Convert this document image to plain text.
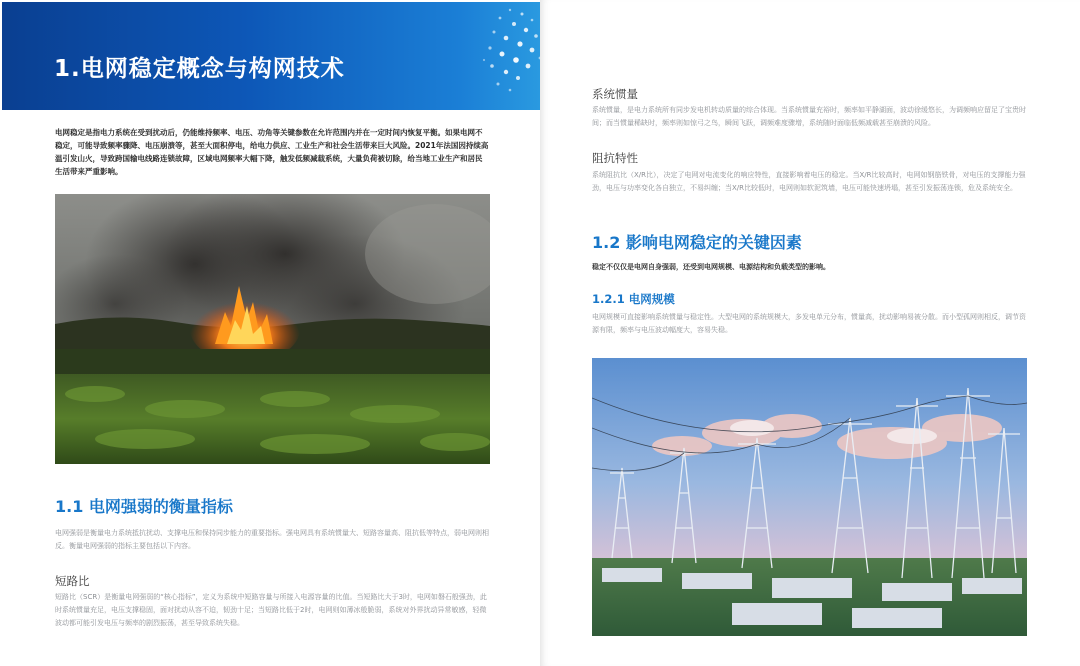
1.电网稳定概念与构网技术
电网稳定是指电力系统在受到扰动后，仍能维持频率、电压、功角等关键参数在允许范围内并在一定时间内恢复平衡。如果电网不稳定，可能导致频率骤降、电压崩溃等，甚至大面积停电，给电力供应、工业生产和社会生活带来巨大风险。2021年法国因持续高温引发山火，导致跨国输电线路连锁故障，区域电网频率大幅下降，触发低频减载系统，大量负荷被切除，给当地工业生产和居民生活带来严重影响。
1.1 电网强弱的衡量指标
电网强弱是衡量电力系统抵抗扰动、支撑电压和保持同步能力的重要指标。强电网具有系统惯量大、短路容量高、阻抗低等特点，弱电网则相反。衡量电网强弱的指标主要包括以下内容。
短路比
短路比（SCR）是衡量电网强弱的“核心指标”，定义为系统中短路容量与所接入电源容量的比值。当短路比大于3时，电网如磐石般强劲，此时系统惯量充足，电压支撑稳固，面对扰动从容不迫，韧劲十足；当短路比低于2时，电网则如薄冰般脆弱，系统对外界扰动异常敏感，轻微波动都可能引发电压与频率的剧烈振荡，甚至导致系统失稳。
系统惯量
系统惯量，是电力系统所有同步发电机转动质量的综合体现。当系统惯量充裕时，频率如平静湖面，波动徐缓悠长，为调频响应留足了宝贵时间；而当惯量稀缺时，频率则如惊弓之鸟，瞬间飞跃，调频难度骤增，系统随时面临低频减载甚至崩溃的风险。
阻抗特性
系统阻抗比（X/R比），决定了电网对电流变化的响应特性，直接影响着电压的稳定。当X/R比较高时，电网如钢筋铁骨，对电压的支撑能力强劲，电压与功率变化各自独立，不易纠缠；当X/R比较低时，电网则如软泥筑墙，电压可能快速坍塌，甚至引发振荡连锁，危及系统安全。
1.2 影响电网稳定的关键因素
稳定不仅仅是电网自身强弱，还受到电网规模、电源结构和负载类型的影响。
1.2.1 电网规模
电网规模可直接影响系统惯量与稳定性。大型电网的系统规模大，多发电单元分布，惯量高，扰动影响易被分散。而小型孤网则相反，调节资源有限，频率与电压波动幅度大，容易失稳。
